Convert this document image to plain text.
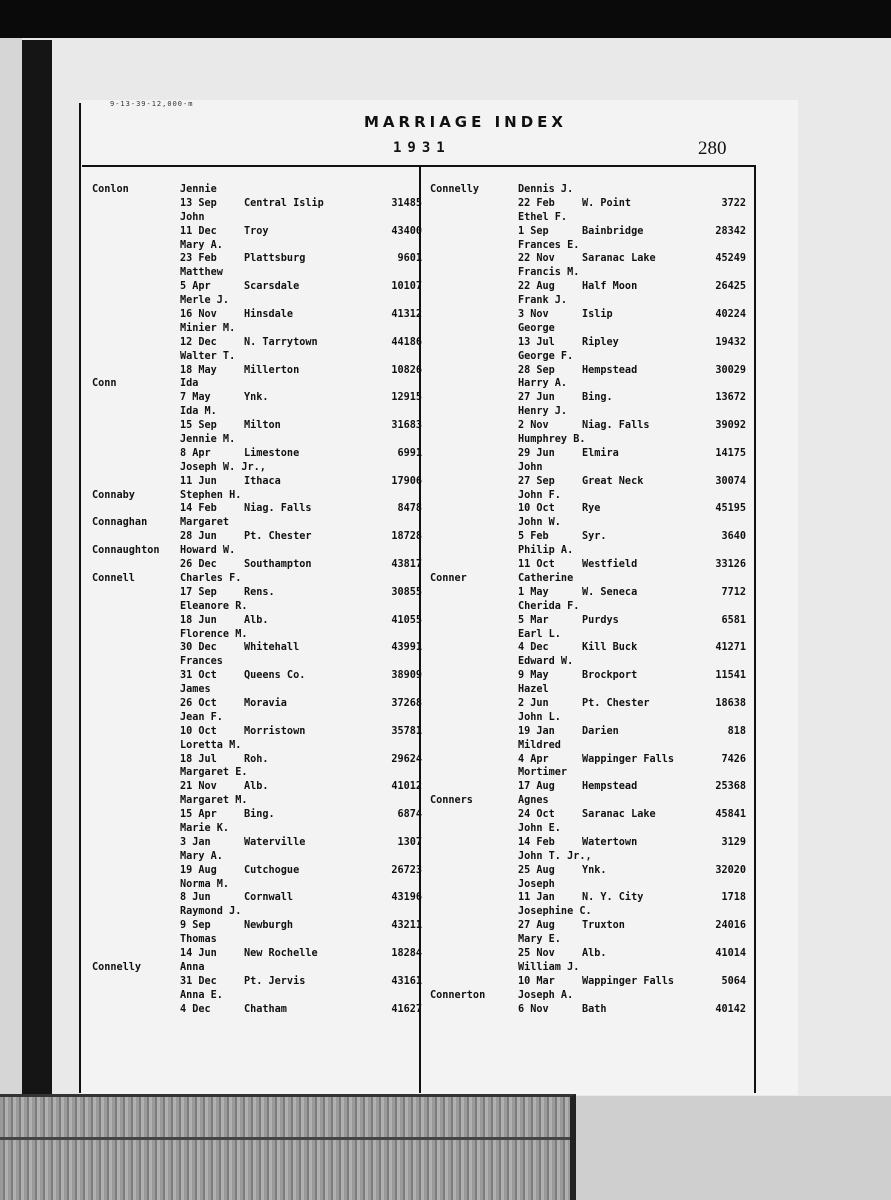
9-13-39-12,000-m
MARRIAGE INDEX
1931	280
Conlon	Jennie
13 Sep	Central Islip	31485
John
11 Dec	Troy	43400
Mary A.
23 Feb	Plattsburg	9601
Matthew
5 Apr	Scarsdale	10107
Merle J.
16 Nov	Hinsdale	41312
Minier M.
12 Dec	N. Tarrytown	44186
Walter T.
18 May	Millerton	10826
Conn	Ida
7 May	Ynk.	12915
Ida M.
15 Sep	Milton	31683
Jennie M.
8 Apr	Limestone	6991
Joseph W. Jr.,
11 Jun	Ithaca	17906
Connaby	Stephen H.
14 Feb	Niag. Falls	8478
Connaghan	Margaret
28 Jun	Pt. Chester	18728
Connaughton Howard W.
26 Dec	Southampton	43817
Connell	Charles F.
17 Sep	Rens.	30855
Eleanore R.
18 Jun	Alb.	41055
Florence M.
30 Dec	Whitehall	43991
Frances
31 Oct	Queens Co.	38909
James
26 Oct	Moravia	37268
Jean F.
10 Oct	Morristown	35781
Loretta M.
18 Jul	Roh.	29624
Margaret E.
21 Nov	Alb.	41012
Margaret M.
15 Apr	Bing.	6874
Marie K.
3 Jan	Waterville	1307
Mary A.
19 Aug	Cutchogue	26723
Norma M.
8 Jun	Cornwall	43196
Raymond J.
9 Sep	Newburgh	43211
Thomas
14 Jun	New Rochelle	18284
Connelly	Anna
31 Dec	Pt. Jervis	43161
Anna E.
4 Dec	Chatham	41627
Connelly	Dennis J.
22 Feb	W. Point	3722
Ethel F.
1 Sep	Bainbridge	28342
Frances E.
22 Nov	Saranac Lake	45249
Francis M.
22 Aug	Half Moon	26425
Frank J.
3 Nov	Islip	40224
George
13 Jul	Ripley	19432
George F.
28 Sep	Hempstead	30029
Harry A.
27 Jun	Bing.	13672
Henry J.
2 Nov	Niag. Falls	39092
Humphrey B.
29 Jun	Elmira	14175
John
27 Sep	Great Neck	30074
John F.
10 Oct	Rye	45195
John W.
5 Feb	Syr.	3640
Philip A.
11 Oct	Westfield	33126
Conner	Catherine
1 May	W. Seneca	7712
Cherida F.
5 Mar	Purdys	6581
Earl L.
4 Dec	Kill Buck	41271
Edward W.
9 May	Brockport	11541
Hazel
2 Jun	Pt. Chester	18638
John L.
19 Jan	Darien	818
Mildred
4 Apr	Wappinger Falls	7426
Mortimer
17 Aug	Hempstead	25368
Conners	Agnes
24 Oct	Saranac Lake	45841
John E.
14 Feb	Watertown	3129
John T. Jr.,
25 Aug	Ynk.	32020
Joseph
11 Jan	N. Y. City	1718
Josephine C.
27 Aug	Truxton	24016
Mary E.
25 Nov	Alb.	41014
William J.
10 Mar	Wappinger Falls	5064
Connerton	Joseph A.
6 Nov	Bath	40142
